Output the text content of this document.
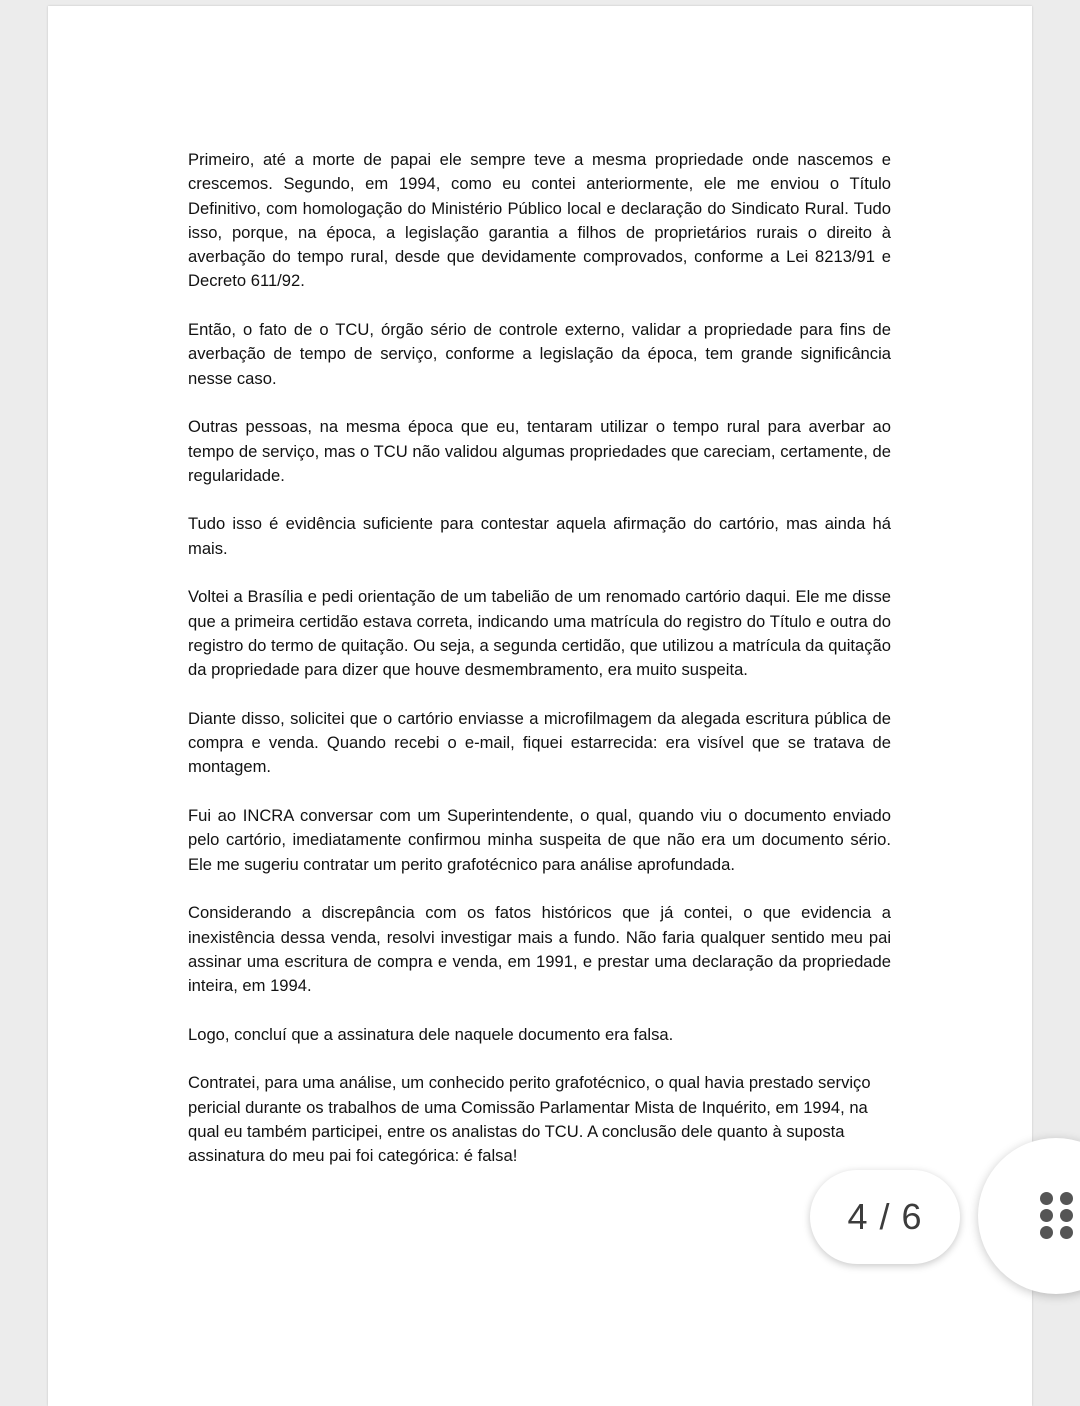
Primeiro, até a morte de papai ele sempre teve a mesma propriedade onde nascemos e crescemos. Segundo, em 1994, como eu contei anteriormente, ele me enviou o Título Definitivo, com homologação do Ministério Público local e declaração do Sindicato Rural. Tudo isso, porque, na época, a legislação garantia a filhos de proprietários rurais o direito à averbação do tempo rural, desde que devidamente comprovados, conforme a Lei 8213/91 e Decreto 611/92.

Então, o fato de o TCU, órgão sério de controle externo, validar a propriedade para fins de averbação de tempo de serviço, conforme a legislação da época, tem grande significância nesse caso.

Outras pessoas, na mesma época que eu, tentaram utilizar o tempo rural para averbar ao tempo de serviço, mas o TCU não validou algumas propriedades que careciam, certamente, de regularidade.

Tudo isso é evidência suficiente para contestar aquela afirmação do cartório, mas ainda há mais.

Voltei a Brasília e pedi orientação de um tabelião de um renomado cartório daqui. Ele me disse que a primeira certidão estava correta, indicando uma matrícula do registro do Título e outra do registro do termo de quitação. Ou seja, a segunda certidão, que utilizou a matrícula da quitação da propriedade para dizer que houve desmembramento, era muito suspeita.

Diante disso, solicitei que o cartório enviasse a microfilmagem da alegada escritura pública de compra e venda. Quando recebi o e-mail, fiquei estarrecida: era visível que se tratava de montagem.

Fui ao INCRA conversar com um Superintendente, o qual, quando viu o documento enviado pelo cartório, imediatamente confirmou minha suspeita de que não era um documento sério. Ele me sugeriu contratar um perito grafotécnico para análise aprofundada.

Considerando a discrepância com os fatos históricos que já contei, o que evidencia a inexistência dessa venda, resolvi investigar mais a fundo. Não faria qualquer sentido meu pai assinar uma escritura de compra e venda, em 1991, e prestar uma declaração da propriedade inteira, em 1994.

Logo, concluí que a assinatura dele naquele documento era falsa.

Contratei, para uma análise, um conhecido perito grafotécnico, o qual havia prestado serviço pericial durante os trabalhos de uma Comissão Parlamentar Mista de Inquérito, em 1994, na qual eu também participei, entre os analistas do TCU. A conclusão dele quanto à suposta assinatura do meu pai foi categórica: é falsa!

4 / 6
